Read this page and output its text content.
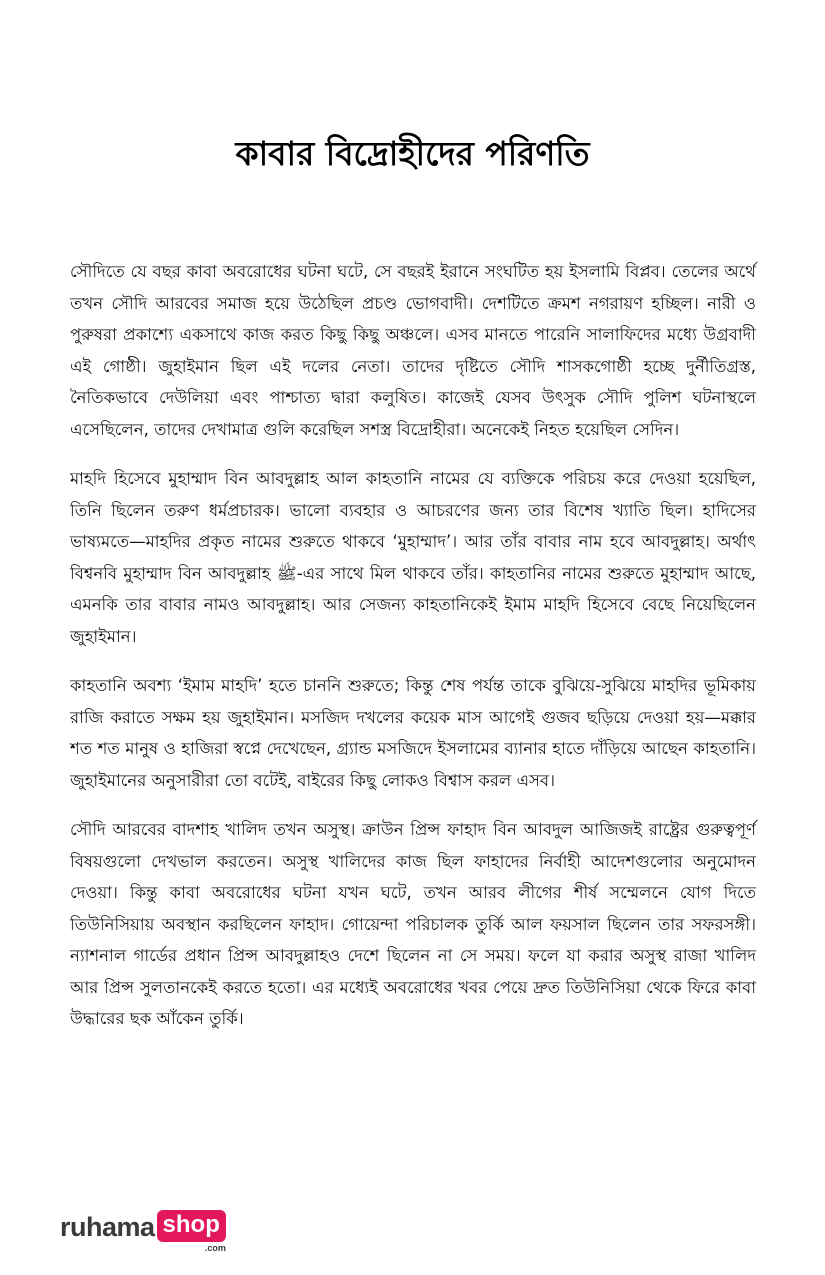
কাবার বিদ্রোহীদের পরিণতি

সৌদিতে যে বছর কাবা অবরোধের ঘটনা ঘটে, সে বছরই ইরানে সংঘটিত হয় ইসলামি বিপ্লব। তেলের অর্থে তখন সৌদি আরবের সমাজ হয়ে উঠেছিল প্রচণ্ড ভোগবাদী। দেশটিতে ক্রমশ নগরায়ণ হচ্ছিল। নারী ও পুরুষরা প্রকাশ্যে একসাথে কাজ করত কিছু কিছু অঞ্চলে। এসব মানতে পারেনি সালাফিদের মধ্যে উগ্রবাদী এই গোষ্ঠী। জুহাইমান ছিল এই দলের নেতা। তাদের দৃষ্টিতে সৌদি শাসকগোষ্ঠী হচ্ছে দুর্নীতিগ্রস্ত, নৈতিকভাবে দেউলিয়া এবং পাশ্চাত্য দ্বারা কলুষিত। কাজেই যেসব উৎসুক সৌদি পুলিশ ঘটনাস্থলে এসেছিলেন, তাদের দেখামাত্র গুলি করেছিল সশস্ত্র বিদ্রোহীরা। অনেকেই নিহত হয়েছিল সেদিন।

মাহদি হিসেবে মুহাম্মাদ বিন আবদুল্লাহ আল কাহতানি নামের যে ব্যক্তিকে পরিচয় করে দেওয়া হয়েছিল, তিনি ছিলেন তরুণ ধর্মপ্রচারক। ভালো ব্যবহার ও আচরণের জন্য তার বিশেষ খ্যাতি ছিল। হাদিসের ভাষ্যমতে—মাহদির প্রকৃত নামের শুরুতে থাকবে ‘মুহাম্মাদ’। আর তাঁর বাবার নাম হবে আবদুল্লাহ। অর্থাৎ বিশ্বনবি মুহাম্মাদ বিন আবদুল্লাহ ﷺ-এর সাথে মিল থাকবে তাঁর। কাহতানির নামের শুরুতে মুহাম্মাদ আছে, এমনকি তার বাবার নামও আবদুল্লাহ। আর সেজন্য কাহতানিকেই ইমাম মাহদি হিসেবে বেছে নিয়েছিলেন জুহাইমান।

কাহতানি অবশ্য ‘ইমাম মাহদি’ হতে চাননি শুরুতে; কিন্তু শেষ পর্যন্ত তাকে বুঝিয়ে-সুঝিয়ে মাহদির ভূমিকায় রাজি করাতে সক্ষম হয় জুহাইমান। মসজিদ দখলের কয়েক মাস আগেই গুজব ছড়িয়ে দেওয়া হয়—মক্কার শত শত মানুষ ও হাজিরা স্বপ্নে দেখেছেন, গ্র্যান্ড মসজিদে ইসলামের ব্যানার হাতে দাঁড়িয়ে আছেন কাহতানি। জুহাইমানের অনুসারীরা তো বটেই, বাইরের কিছু লোকও বিশ্বাস করল এসব।

সৌদি আরবের বাদশাহ খালিদ তখন অসুস্থ। ক্রাউন প্রিন্স ফাহাদ বিন আবদুল আজিজই রাষ্ট্রের গুরুত্বপূর্ণ বিষয়গুলো দেখভাল করতেন। অসুস্থ খালিদের কাজ ছিল ফাহাদের নির্বাহী আদেশগুলোর অনুমোদন দেওয়া। কিন্তু কাবা অবরোধের ঘটনা যখন ঘটে, তখন আরব লীগের শীর্ষ সম্মেলনে যোগ দিতে তিউনিসিয়ায় অবস্থান করছিলেন ফাহাদ। গোয়েন্দা পরিচালক তুর্কি আল ফয়সাল ছিলেন তার সফরসঙ্গী। ন্যাশনাল গার্ডের প্রধান প্রিন্স আবদুল্লাহও দেশে ছিলেন না সে সময়। ফলে যা করার অসুস্থ রাজা খালিদ আর প্রিন্স সুলতানকেই করতে হতো। এর মধ্যেই অবরোধের খবর পেয়ে দ্রুত তিউনিসিয়া থেকে ফিরে কাবা উদ্ধারের ছক আঁকেন তুর্কি।

ruhama shop
.com
